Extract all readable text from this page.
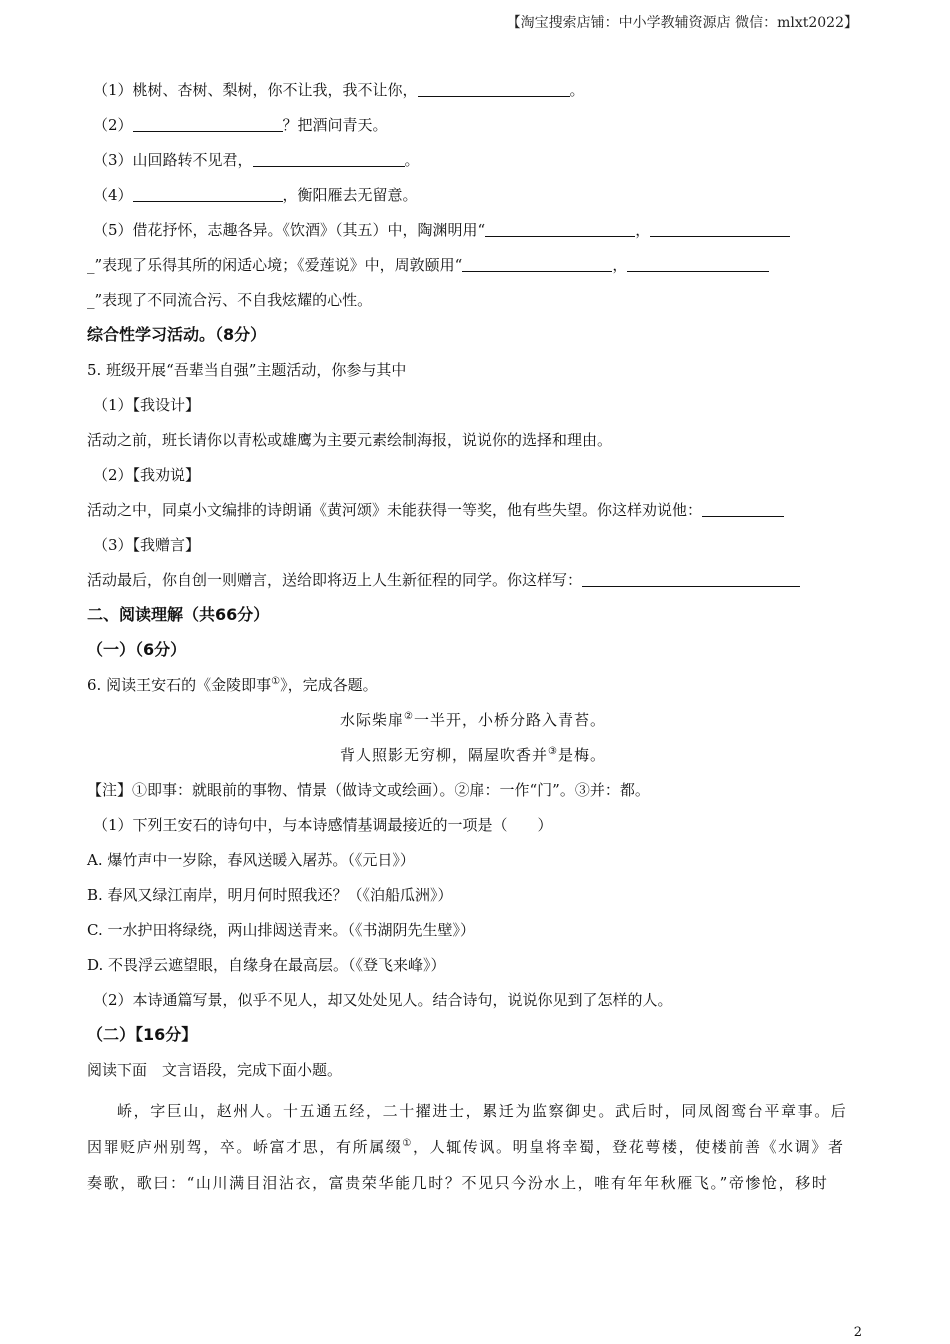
【淘宝搜索店铺：中小学教辅资源店 微信：mlxt2022】
（1）桃树、杏树、梨树，你不让我，我不让你，	。
（2）	？把酒问青天。
（3）山回路转不见君，	。
（4）	，衡阳雁去无留意。
（5）借花抒怀，志趣各异。《饮酒》（其五）中，陶渊明用“	，
_”表现了乐得其所的闲适心境；《爱莲说》中，周敦颐用“	，
_”表现了不同流合污、不自我炫耀的心性。
综合性学习活动。（8分）
5. 班级开展“吾辈当自强”主题活动，你参与其中
（1）【我设计】
活动之前，班长请你以青松或雄鹰为主要元素绘制海报，说说你的选择和理由。
（2）【我劝说】
活动之中，同桌小文编排的诗朗诵《黄河颂》未能获得一等奖，他有些失望。你这样劝说他：
（3）【我赠言】
活动最后，你自创一则赠言，送给即将迈上人生新征程的同学。你这样写：
二、阅读理解（共66分）
（一）（6分）
6. 阅读王安石的《金陵即事①》，完成各题。
水际柴扉②一半开，小桥分路入青苔。
背人照影无穷柳，隔屋吹香并③是梅。
【注】①即事：就眼前的事物、情景（做诗文或绘画）。②扉：一作“门”。③并：都。
（1）下列王安石的诗句中，与本诗感情基调最接近的一项是（　　）
A. 爆竹声中一岁除，春风送暖入屠苏。（《元日》）
B. 春风又绿江南岸，明月何时照我还？（《泊船瓜洲》）
C. 一水护田将绿绕，两山排闼送青来。（《书湖阴先生壁》）
D. 不畏浮云遮望眼，自缘身在最高层。（《登飞来峰》）
（2）本诗通篇写景，似乎不见人，却又处处见人。结合诗句，说说你见到了怎样的人。
（二）【16分】
阅读下面　文言语段，完成下面小题。

峤，字巨山，赵州人。十五通五经，二十擢进士，累迁为监察御史。武后时，同凤阁鸾台平章事。后因罪贬庐州别驾，卒。峤富才思，有所属缀①，人辄传讽。明皇将幸蜀，登花萼楼，使楼前善《水调》者奏歌，歌曰：“山川满目泪沾衣，富贵荣华能几时？不见只今汾水上，唯有年年秋雁飞。”帝惨怆，移时

2
